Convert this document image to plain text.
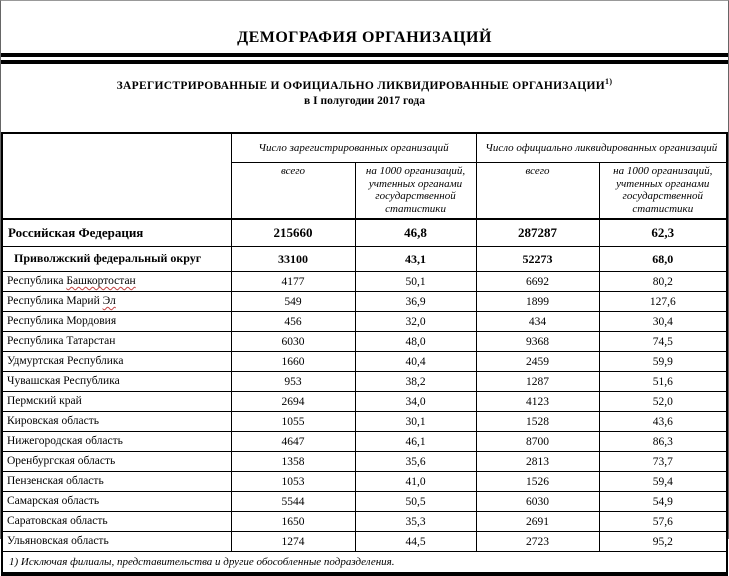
ДЕМОГРАФИЯ ОРГАНИЗАЦИЙ
ЗАРЕГИСТРИРОВАННЫЕ И ОФИЦИАЛЬНО ЛИКВИДИРОВАННЫЕ ОРГАНИЗАЦИИ$^{1)}$
в I полугодии 2017 года
	Число зарегистрированных организаций		Число официально ликвидированных организаций	
	всего	на 1000 организаций, учтенных органами государственной статистики	всего	на 1000 организаций, учтенных органами государственной статистики
Российская Федерация	215660	46,8	287287	62,3
Приволжский федеральный округ	33100	43,1	52273	68,0
Республика Башкортостан	4177	50,1	6692	80,2
Республика Марий Эл	549	36,9	1899	127,6
Республика Мордовия	456	32,0	434	30,4
Республика Татарстан	6030	48,0	9368	74,5
Удмуртская Республика	1660	40,4	2459	59,9
Чувашская Республика	953	38,2	1287	51,6
Пермский край	2694	34,0	4123	52,0
Кировская область	1055	30,1	1528	43,6
Нижегородская область	4647	46,1	8700	86,3
Оренбургская область	1358	35,6	2813	73,7
Пензенская область	1053	41,0	1526	59,4
Самарская область	5544	50,5	6030	54,9
Саратовская область	1650	35,3	2691	57,6
Ульяновская область	1274	44,5	2723	95,2
1) Исключая филиалы, представительства и другие обособленные подразделения.				
